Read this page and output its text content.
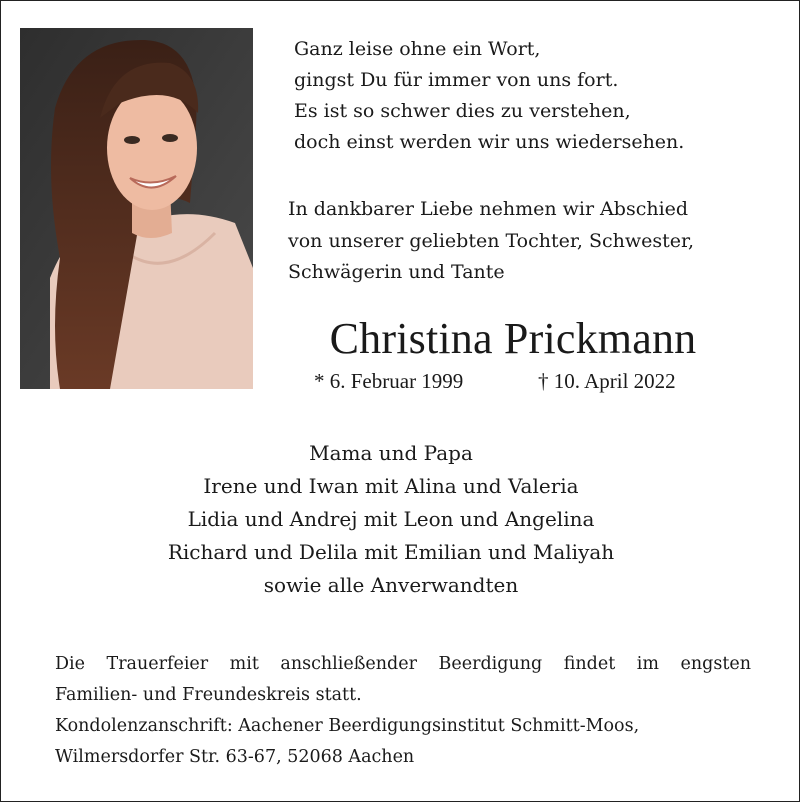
Ganz leise ohne ein Wort,
gingst Du für immer von uns fort.
Es ist so schwer dies zu verstehen,
doch einst werden wir uns wiedersehen.
In dankbarer Liebe nehmen wir Abschied
von unserer geliebten Tochter, Schwester,
Schwägerin und Tante
Christina Prickmann
* 6. Februar 1999	† 10. April 2022
Mama und Papa
Irene und Iwan mit Alina und Valeria
Lidia und Andrej mit Leon und Angelina
Richard und Delila mit Emilian und Maliyah
sowie alle Anverwandten
Die Trauerfeier mit anschließender Beerdigung findet im engsten
Familien- und Freundeskreis statt.
Kondolenzanschrift: Aachener Beerdigungsinstitut Schmitt-Moos,
Wilmersdorfer Str. 63-67, 52068 Aachen
